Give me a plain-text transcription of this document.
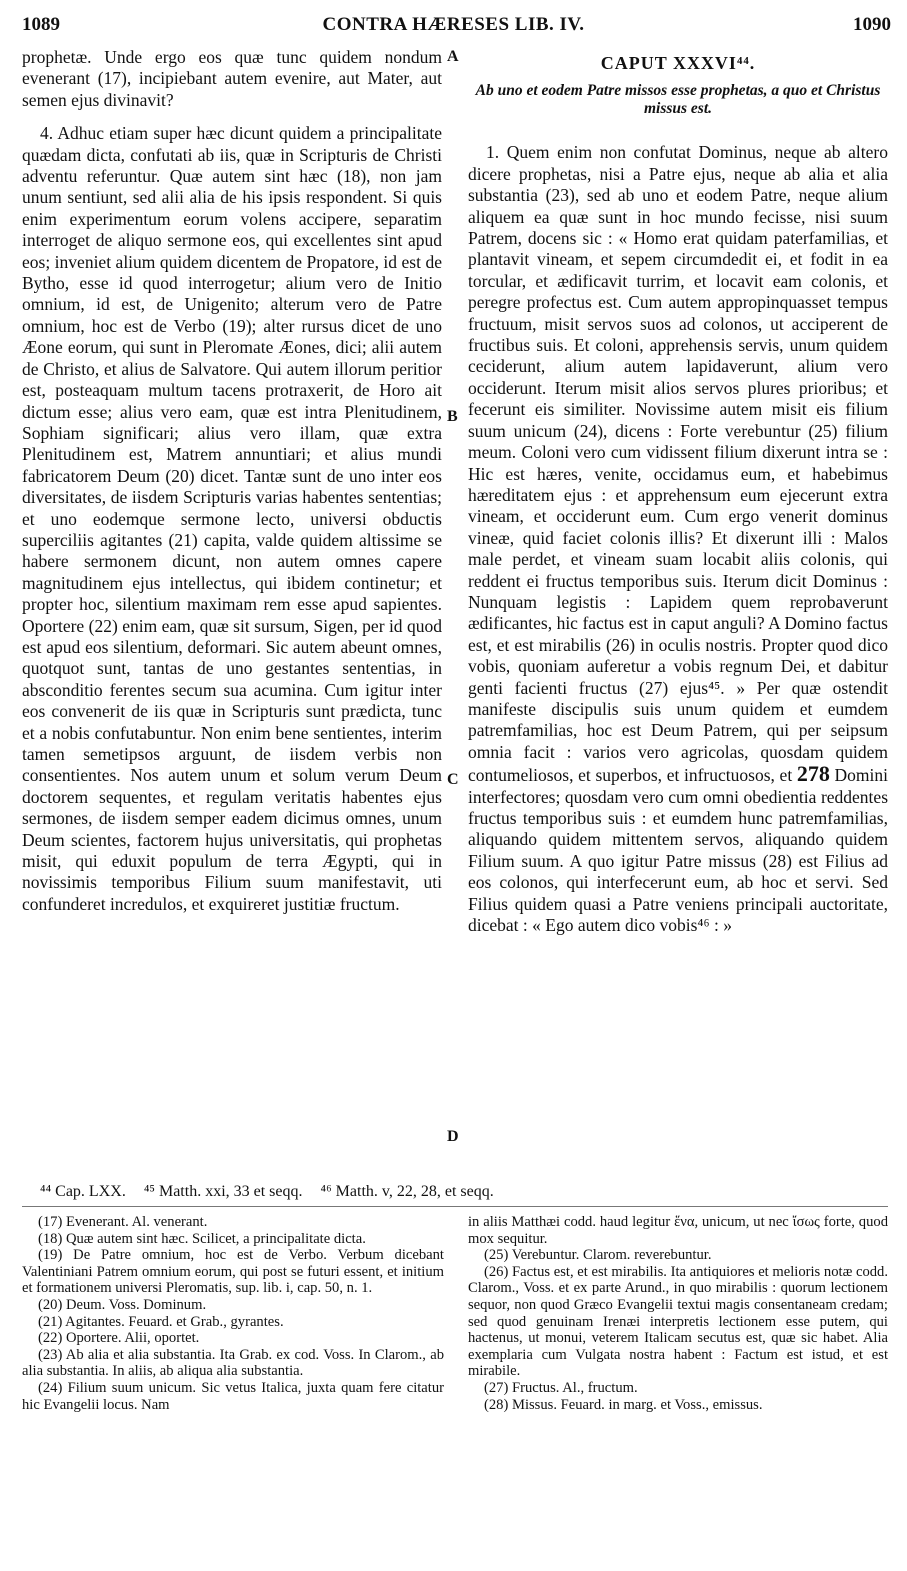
1089	CONTRA HÆRESES LIB. IV.	1090

prophetæ. Unde ergo eos quæ tunc quidem nondum evenerant (17), incipiebant autem evenire, aut Mater, aut semen ejus divinavit?

4. Adhuc etiam super hæc dicunt quidem a principalitate quædam dicta, confutati ab iis, quæ in Scripturis de Christi adventu referuntur. Quæ autem sint hæc (18), non jam unum sentiunt, sed alii alia de his ipsis respondent. Si quis enim experimentum eorum volens accipere, separatim interroget de aliquo sermone eos, qui excellentes sint apud eos; inveniet alium quidem dicentem de Propatore, id est de Bytho, esse id quod interrogetur; alium vero de Initio omnium, id est, de Unigenito; alterum vero de Patre omnium, hoc est de Verbo (19); alter rursus dicet de uno Æone eorum, qui sunt in Pleromate Æones, dici; alii autem de Christo, et alius de Salvatore. Qui autem illorum peritior est, posteaquam multum tacens protraxerit, de Horo ait dictum esse; alius vero eam, quæ est intra Plenitudinem, Sophiam significari; alius vero illam, quæ extra Plenitudinem est, Matrem annuntiari; et alius mundi fabricatorem Deum (20) dicet. Tantæ sunt de uno inter eos diversitates, de iisdem Scripturis varias habentes sententias; et uno eodemque sermone lecto, universi obductis superciliis agitantes (21) capita, valde quidem altissime se habere sermonem dicunt, non autem omnes capere magnitudinem ejus intellectus, qui ibidem continetur; et propter hoc, silentium maximam rem esse apud sapientes. Oportere (22) enim eam, quæ sit sursum, Sigen, per id quod est apud eos silentium, deformari. Sic autem abeunt omnes, quotquot sunt, tantas de uno gestantes sententias, in absconditio ferentes secum sua acumina. Cum igitur inter eos convenerit de iis quæ in Scripturis sunt prædicta, tunc et a nobis confutabuntur. Non enim bene sentientes, interim tamen semetipsos arguunt, de iisdem verbis non consentientes. Nos autem unum et solum verum Deum doctorem sequentes, et regulam veritatis habentes ejus sermones, de iisdem semper eadem dicimus omnes, unum Deum scientes, factorem hujus universitatis, qui prophetas misit, qui eduxit populum de terra Ægypti, qui in novissimis temporibus Filium suum manifestavit, uti confunderet incredulos, et exquireret justitiæ fructum.

A
B
C
D
CAPUT XXXVI⁴⁴.
Ab uno et eodem Patre missos esse prophetas, a quo et Christus missus est.

1. Quem enim non confutat Dominus, neque ab altero dicere prophetas, nisi a Patre ejus, neque ab alia et alia substantia (23), sed ab uno et eodem Patre, neque alium aliquem ea quæ sunt in hoc mundo fecisse, nisi suum Patrem, docens sic : « Homo erat quidam paterfamilias, et plantavit vineam, et sepem circumdedit ei, et fodit in ea torcular, et ædificavit turrim, et locavit eam colonis, et peregre profectus est. Cum autem appropinquasset tempus fructuum, misit servos suos ad colonos, ut acciperent de fructibus suis. Et coloni, apprehensis servis, unum quidem ceciderunt, alium autem lapidaverunt, alium vero occiderunt. Iterum misit alios servos plures prioribus; et fecerunt eis similiter. Novissime autem misit eis filium suum unicum (24), dicens : Forte verebuntur (25) filium meum. Coloni vero cum vidissent filium dixerunt intra se : Hic est hæres, venite, occidamus eum, et habebimus hæreditatem ejus : et apprehensum eum ejecerunt extra vineam, et occiderunt eum. Cum ergo venerit dominus vineæ, quid faciet colonis illis? Et dixerunt illi : Malos male perdet, et vineam suam locabit aliis colonis, qui reddent ei fructus temporibus suis. Iterum dicit Dominus : Nunquam legistis : Lapidem quem reprobaverunt ædificantes, hic factus est in caput anguli? A Domino factus est, et est mirabilis (26) in oculis nostris. Propter quod dico vobis, quoniam auferetur a vobis regnum Dei, et dabitur genti facienti fructus (27) ejus⁴⁵. » Per quæ ostendit manifeste discipulis suis unum quidem et eumdem patremfamilias, hoc est Deum Patrem, qui per seipsum omnia facit : varios vero agricolas, quosdam quidem contumeliosos, et superbos, et infructuosos, et 278 Domini interfectores; quosdam vero cum omni obedientia reddentes fructus temporibus suis : et eumdem hunc patremfamilias, aliquando quidem mittentem servos, aliquando quidem Filium suum. A quo igitur Patre missus (28) est Filius ad eos colonos, qui interfecerunt eum, ab hoc et servi. Sed Filius quidem quasi a Patre veniens principali auctoritate, dicebat : « Ego autem dico vobis⁴⁶ : »

⁴⁴ Cap. LXX. ⁴⁵ Matth. xxi, 33 et seqq. ⁴⁶ Matth. v, 22, 28, et seqq.

(17) Evenerant. Al. venerant.

(18) Quæ autem sint hæc. Scilicet, a principalitate dicta.

(19) De Patre omnium, hoc est de Verbo. Verbum dicebant Valentiniani Patrem omnium eorum, qui post se futuri essent, et initium et formationem universi Pleromatis, sup. lib. i, cap. 50, n. 1.

(20) Deum. Voss. Dominum.

(21) Agitantes. Feuard. et Grab., gyrantes.

(22) Oportere. Alii, oportet.

(23) Ab alia et alia substantia. Ita Grab. ex cod. Voss. In Clarom., ab alia substantia. In aliis, ab aliqua alia substantia.

(24) Filium suum unicum. Sic vetus Italica, juxta quam fere citatur hic Evangelii locus. Nam

in aliis Matthæi codd. haud legitur ἕνα, unicum, ut nec ἴσως forte, quod mox sequitur.

(25) Verebuntur. Clarom. reverebuntur.

(26) Factus est, et est mirabilis. Ita antiquiores et melioris notæ codd. Clarom., Voss. et ex parte Arund., in quo mirabilis : quorum lectionem sequor, non quod Græco Evangelii textui magis consentaneam credam; sed quod genuinam Irenæi interpretis lectionem esse putem, qui hactenus, ut monui, veterem Italicam secutus est, quæ sic habet. Alia exemplaria cum Vulgata nostra habent : Factum est istud, et est mirabile.

(27) Fructus. Al., fructum.

(28) Missus. Feuard. in marg. et Voss., emissus.
